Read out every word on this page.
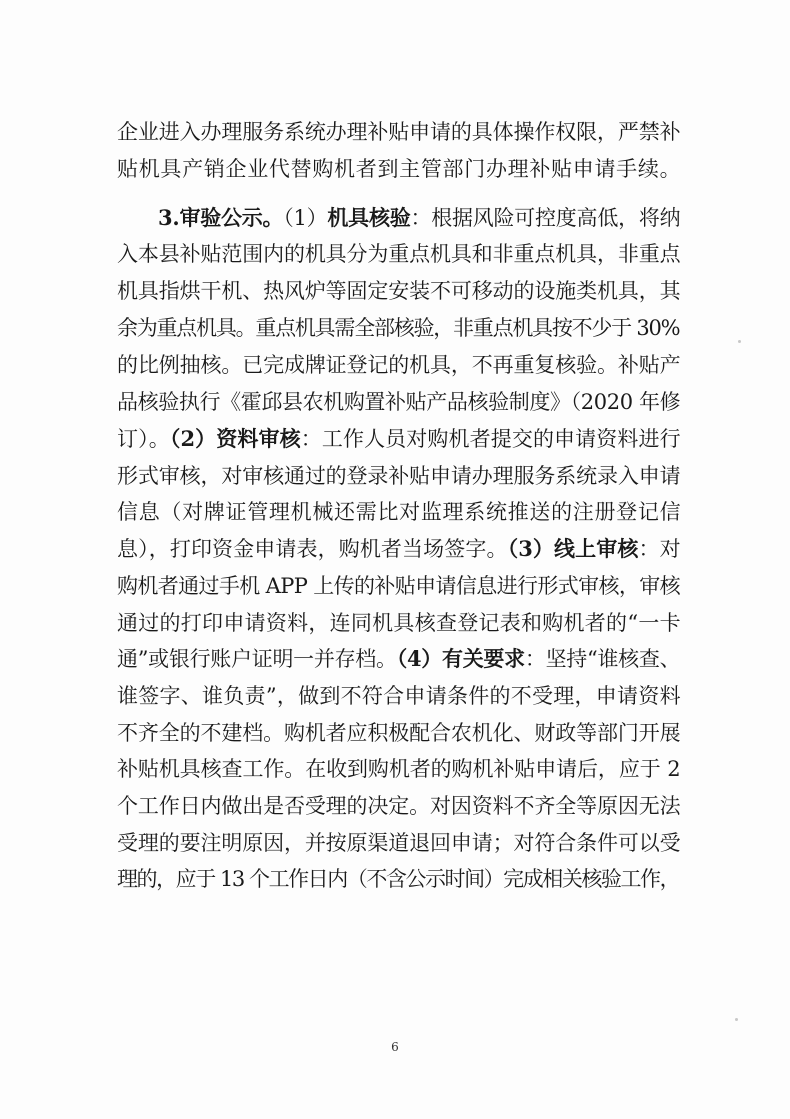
企业进入办理服务系统办理补贴申请的具体操作权限，严禁补
贴机具产销企业代替购机者到主管部门办理补贴申请手续。
3.审验公示。（1）机具核验：根据风险可控度高低，将纳
入本县补贴范围内的机具分为重点机具和非重点机具，非重点
机具指烘干机、热风炉等固定安装不可移动的设施类机具，其
余为重点机具。重点机具需全部核验，非重点机具按不少于 30%
的比例抽核。已完成牌证登记的机具，不再重复核验。补贴产
品核验执行《霍邱县农机购置补贴产品核验制度》（2020 年修
订）。（2）资料审核：工作人员对购机者提交的申请资料进行
形式审核，对审核通过的登录补贴申请办理服务系统录入申请
信息（对牌证管理机械还需比对监理系统推送的注册登记信
息），打印资金申请表，购机者当场签字。（3）线上审核：对
购机者通过手机 APP 上传的补贴申请信息进行形式审核，审核
通过的打印申请资料，连同机具核查登记表和购机者的“一卡
通”或银行账户证明一并存档。（4）有关要求：坚持“谁核查、
谁签字、谁负责”，做到不符合申请条件的不受理，申请资料
不齐全的不建档。购机者应积极配合农机化、财政等部门开展
补贴机具核查工作。在收到购机者的购机补贴申请后，应于 2
个工作日内做出是否受理的决定。对因资料不齐全等原因无法
受理的要注明原因，并按原渠道退回申请；对符合条件可以受
理的，应于 13 个工作日内（不含公示时间）完成相关核验工作，
6
